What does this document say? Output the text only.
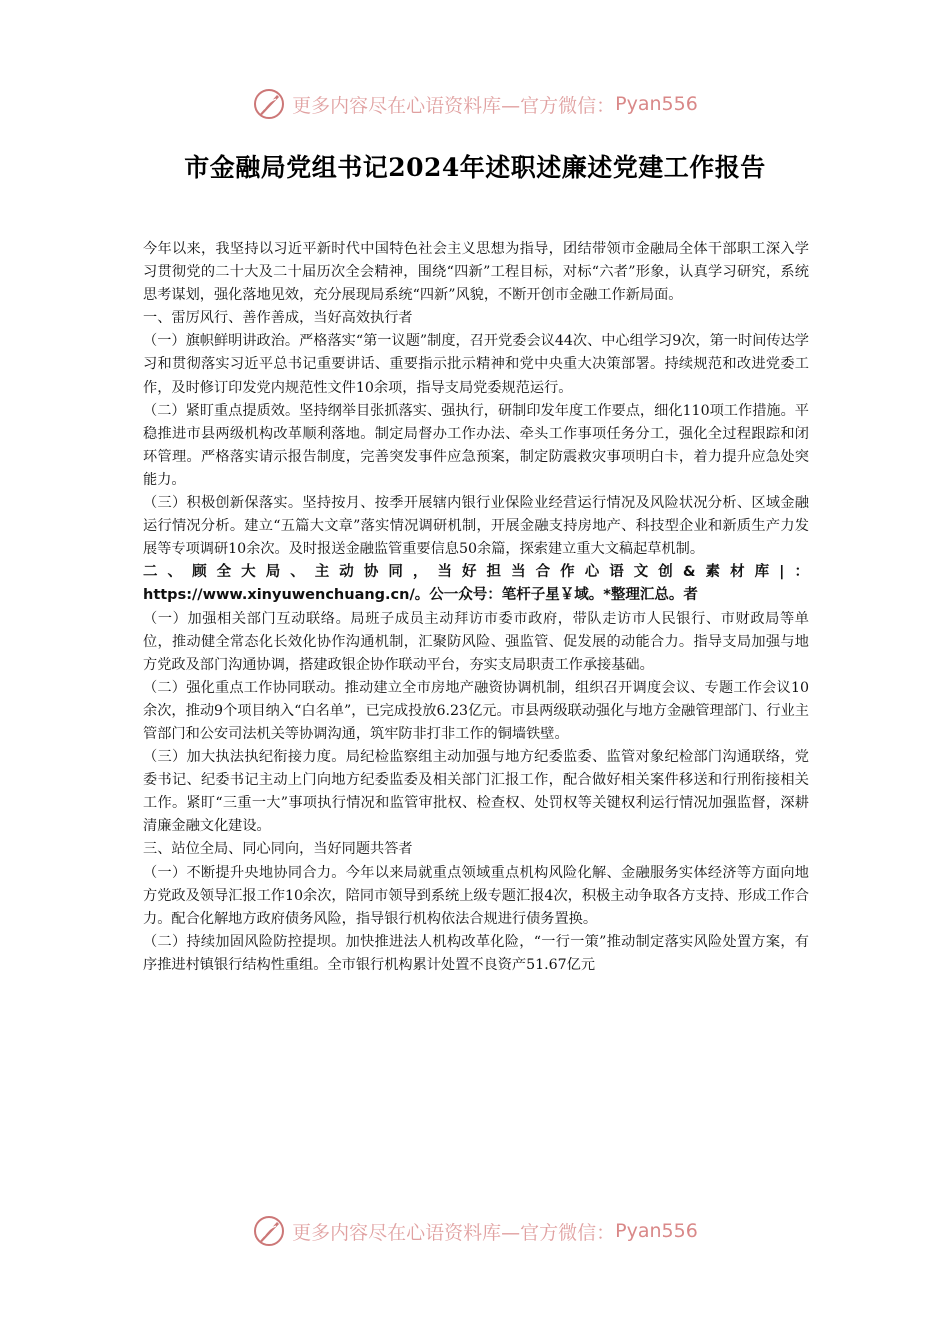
更多内容尽在心语资料库—官方微信： Pyan556
市金融局党组书记2024年述职述廉述党建工作报告

今年以来，我坚持以习近平新时代中国特色社会主义思想为指导，团结带领市金融局全体干部职工深入学习贯彻党的二十大及二十届历次全会精神，围绕“四新”工程目标，对标“六者”形象，认真学习研究，系统思考谋划，强化落地见效，充分展现局系统“四新”风貌，不断开创市金融工作新局面。

一、雷厉风行、善作善成，当好高效执行者

（一）旗帜鲜明讲政治。严格落实“第一议题”制度，召开党委会议44次、中心组学习9次，第一时间传达学习和贯彻落实习近平总书记重要讲话、重要指示批示精神和党中央重大决策部署。持续规范和改进党委工作，及时修订印发党内规范性文件10余项，指导支局党委规范运行。

（二）紧盯重点提质效。坚持纲举目张抓落实、强执行，研制印发年度工作要点，细化110项工作措施。平稳推进市县两级机构改革顺利落地。制定局督办工作办法、牵头工作事项任务分工，强化全过程跟踪和闭环管理。严格落实请示报告制度，完善突发事件应急预案，制定防震救灾事项明白卡，着力提升应急处突能力。

（三）积极创新保落实。坚持按月、按季开展辖内银行业保险业经营运行情况及风险状况分析、区域金融运行情况分析。建立“五篇大文章”落实情况调研机制，开展金融支持房地产、科技型企业和新质生产力发展等专项调研10余次。及时报送金融监管重要信息50余篇，探索建立重大文稿起草机制。

二、顾全大局、主动协同，当好担当合作心语文创&素材库|：https://www.xinyuwenchuang.cn/。公一众号：笔杆子星￥域。*整理汇总。者

（一）加强相关部门互动联络。局班子成员主动拜访市委市政府，带队走访市人民银行、市财政局等单位，推动健全常态化长效化协作沟通机制，汇聚防风险、强监管、促发展的动能合力。指导支局加强与地方党政及部门沟通协调，搭建政银企协作联动平台，夯实支局职责工作承接基础。

（二）强化重点工作协同联动。推动建立全市房地产融资协调机制，组织召开调度会议、专题工作会议10余次，推动9个项目纳入“白名单”，已完成投放6.23亿元。市县两级联动强化与地方金融管理部门、行业主管部门和公安司法机关等协调沟通，筑牢防非打非工作的铜墙铁壁。

（三）加大执法执纪衔接力度。局纪检监察组主动加强与地方纪委监委、监管对象纪检部门沟通联络，党委书记、纪委书记主动上门向地方纪委监委及相关部门汇报工作，配合做好相关案件移送和行刑衔接相关工作。紧盯“三重一大”事项执行情况和监管审批权、检查权、处罚权等关键权利运行情况加强监督，深耕清廉金融文化建设。

三、站位全局、同心同向，当好同题共答者

（一）不断提升央地协同合力。今年以来局就重点领域重点机构风险化解、金融服务实体经济等方面向地方党政及领导汇报工作10余次，陪同市领导到系统上级专题汇报4次，积极主动争取各方支持、形成工作合力。配合化解地方政府债务风险，指导银行机构依法合规进行债务置换。

（二）持续加固风险防控提坝。加快推进法人机构改革化险，“一行一策”推动制定落实风险处置方案，有序推进村镇银行结构性重组。全市银行机构累计处置不良资产51.67亿元

更多内容尽在心语资料库—官方微信： Pyan556
